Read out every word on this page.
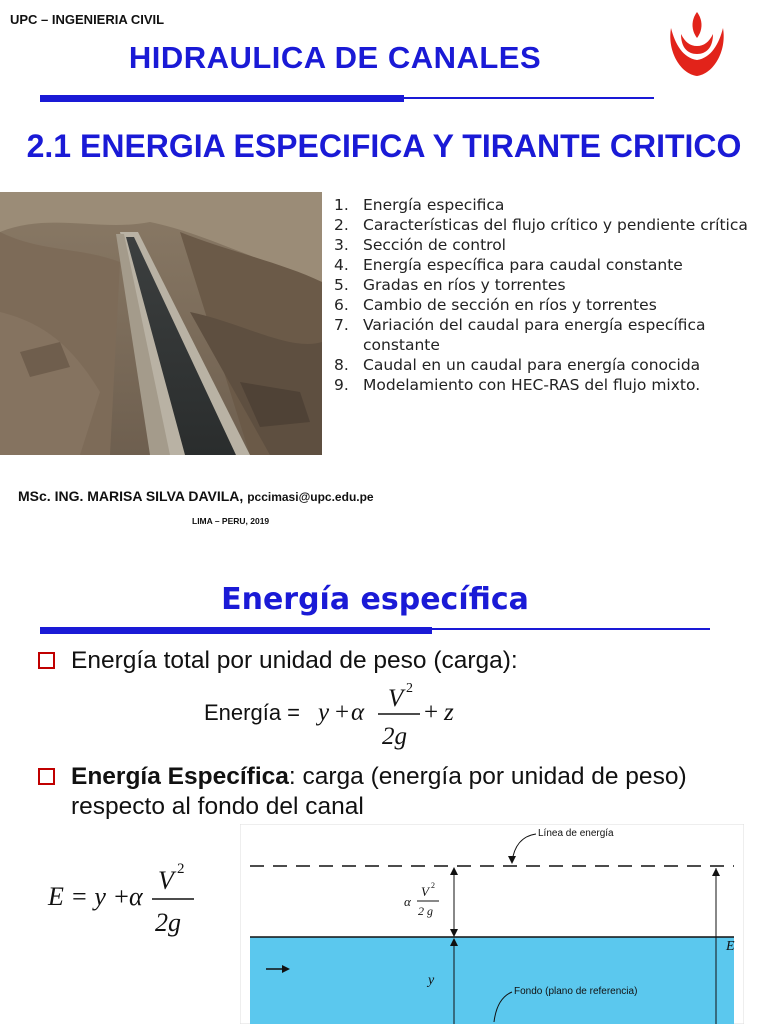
UPC – INGENIERIA CIVIL
HIDRAULICA DE CANALES
2.1 ENERGIA ESPECIFICA Y TIRANTE CRITICO
1. Energía especifica
2. Características del flujo crítico y pendiente crítica
3. Sección de control
4. Energía específica para caudal constante
5. Gradas en ríos y torrentes
6. Cambio de sección en ríos y torrentes
7. Variación del caudal para energía específica constante
8. Caudal en un caudal para energía conocida
9. Modelamiento con HEC-RAS del flujo mixto.
MSc. ING. MARISA SILVA DAVILA, pccimasi@upc.edu.pe
LIMA – PERU, 2019
Energía específica
Energía total por unidad de peso (carga):
Energía = y + α
V 2
2g
+ z
Energía Específica: carga (energía por unidad de peso) respecto al fondo del canal
E = y +
α
V 2
2g
Línea de energía
α
V 2
2 g
y
E
Fondo (plano de referencia)
